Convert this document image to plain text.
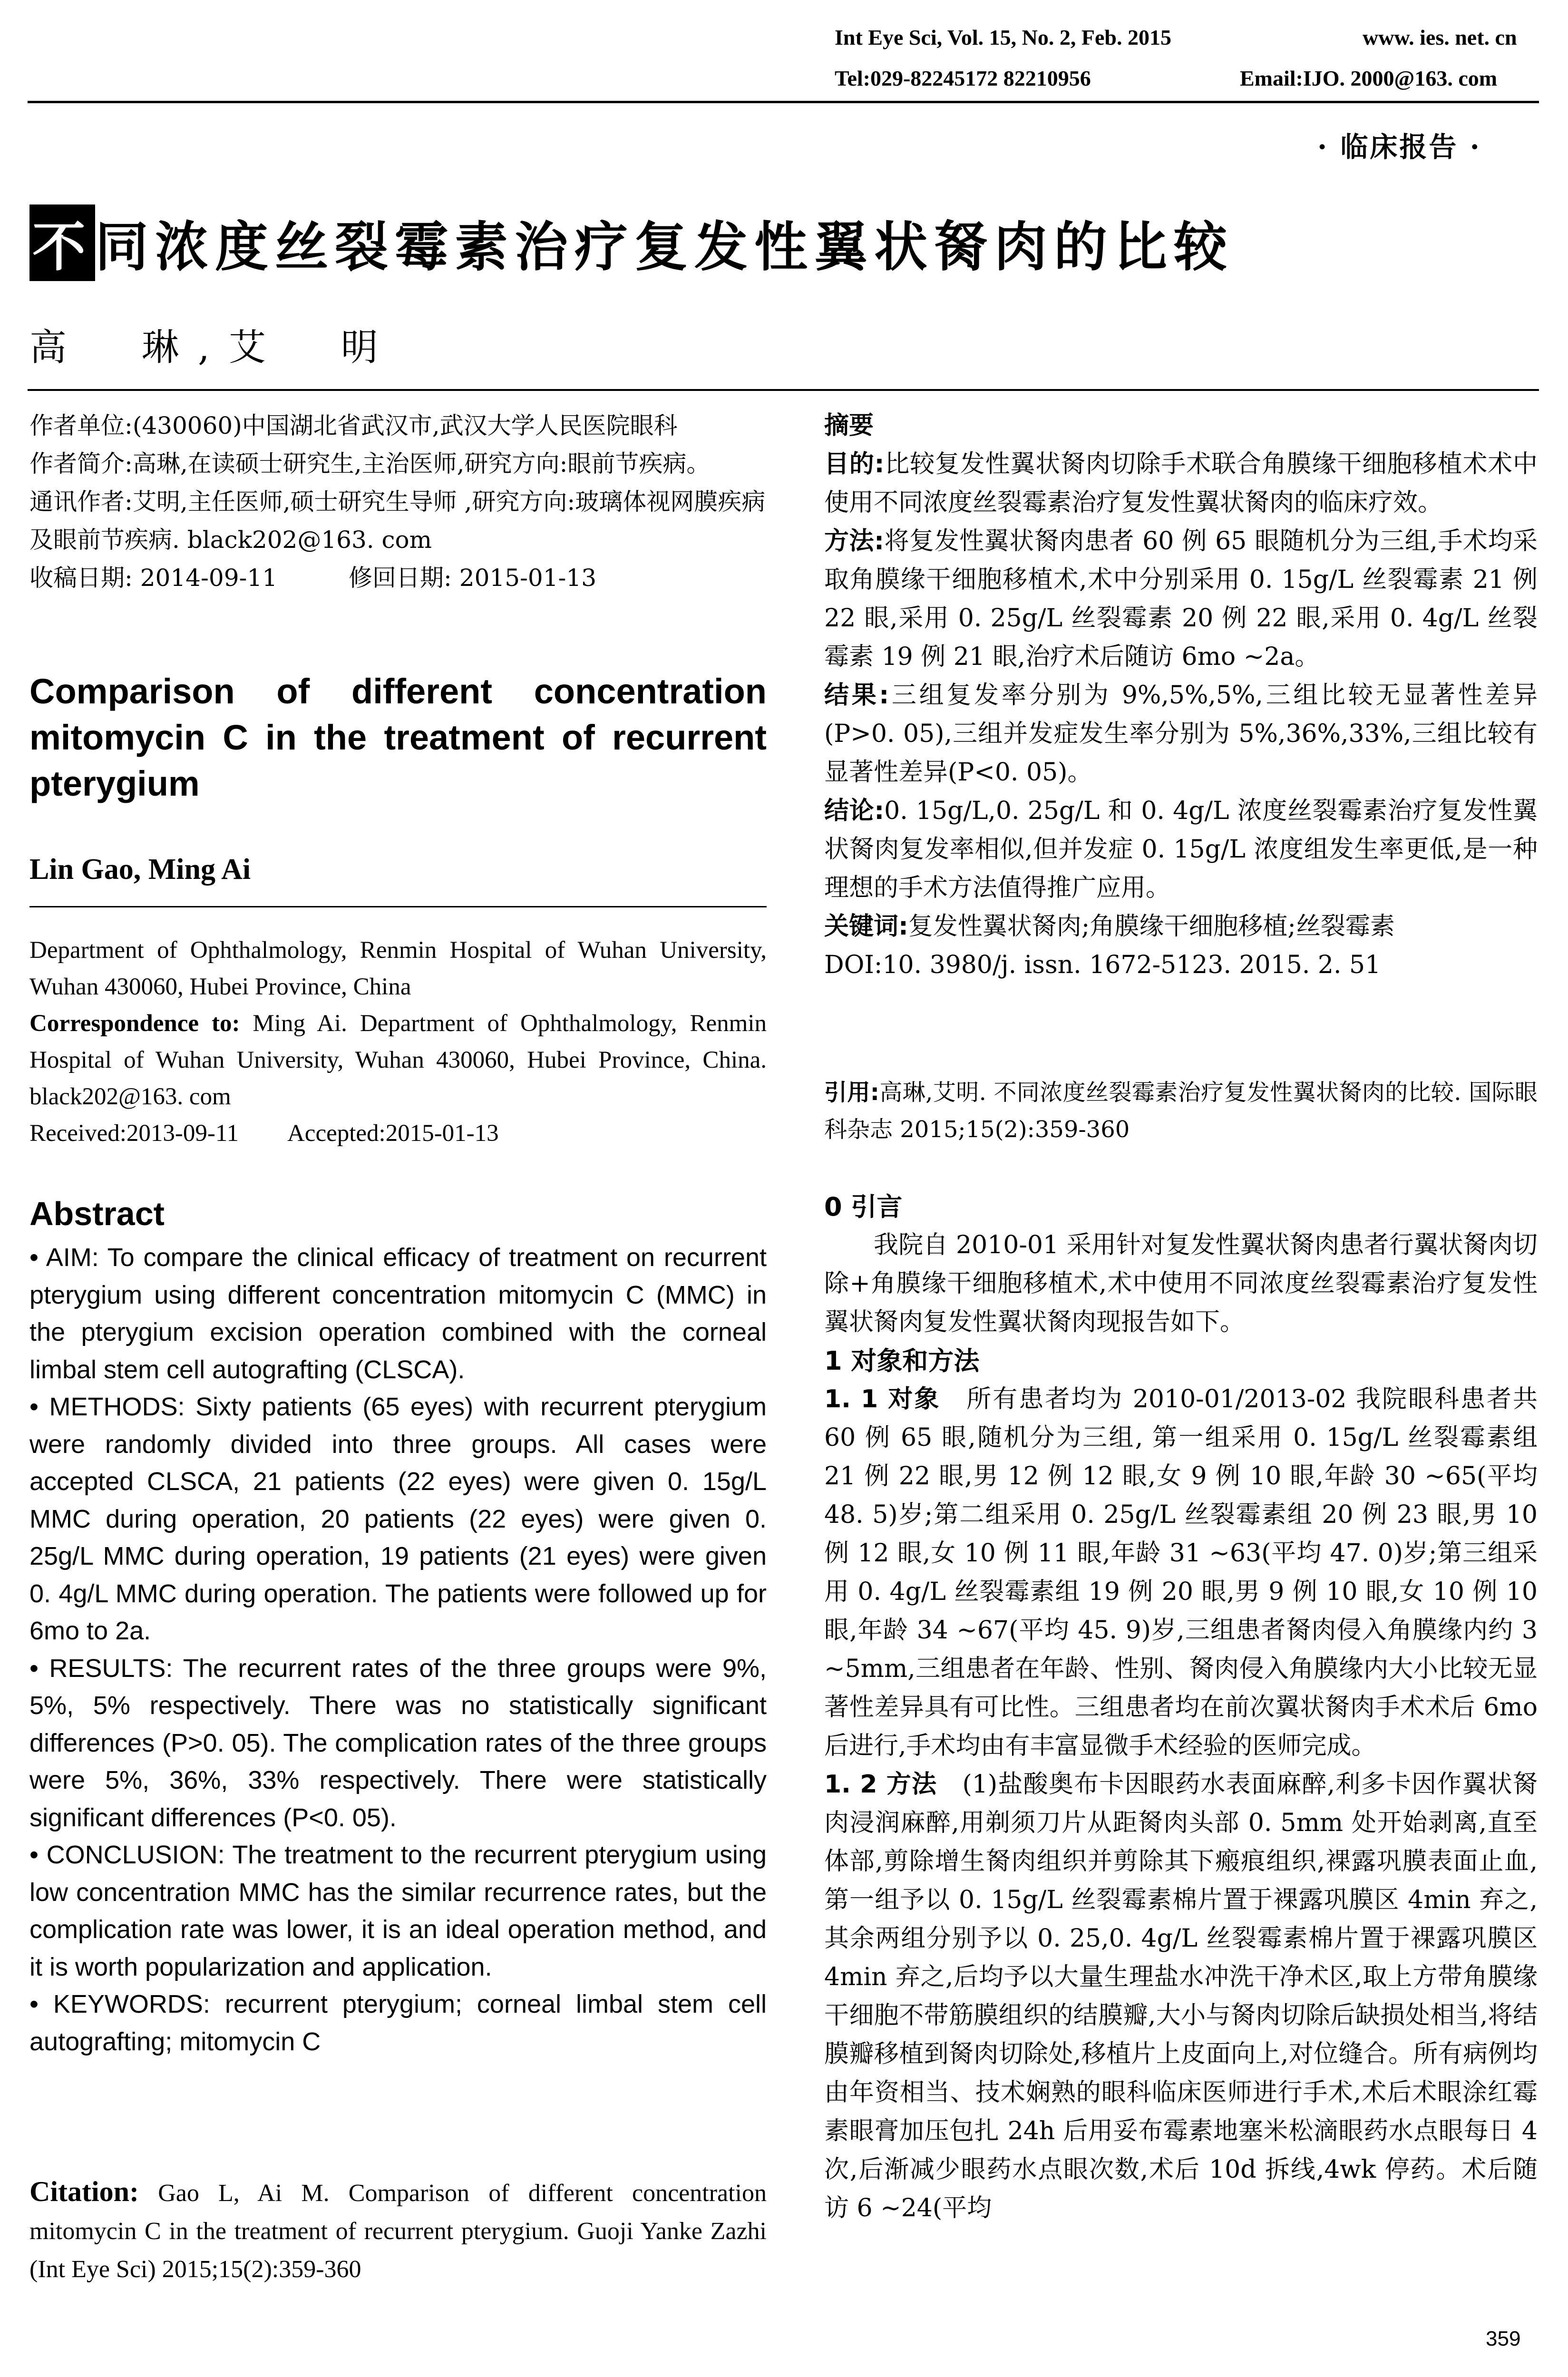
Int Eye Sci, Vol. 15, No. 2, Feb. 2015	www. ies. net. cn
Tel:029-82245172 82210956	Email:IJO. 2000@163. com
· 临床报告 ·
不同浓度丝裂霉素治疗复发性翼状胬肉的比较
高　琳,艾　明
作者单位:(430060)中国湖北省武汉市,武汉大学人民医院眼科
作者简介:高琳,在读硕士研究生,主治医师,研究方向:眼前节疾病。
通讯作者:艾明,主任医师,硕士研究生导师 ,研究方向:玻璃体视网膜疾病及眼前节疾病. black202@163. com
收稿日期: 2014-09-11　　　修回日期: 2015-01-13
Comparison of different concentration mitomycin C in the treatment of recurrent pterygium
Lin Gao, Ming Ai
Department of Ophthalmology, Renmin Hospital of Wuhan University, Wuhan 430060, Hubei Province, China
Correspondence to: Ming Ai. Department of Ophthalmology, Renmin Hospital of Wuhan University, Wuhan 430060, Hubei Province, China. black202@163. com
Received:2013-09-11　　Accepted:2015-01-13
Abstract

• AIM: To compare the clinical efficacy of treatment on recurrent pterygium using different concentration mitomycin C (MMC) in the pterygium excision operation combined with the corneal limbal stem cell autografting (CLSCA).

• METHODS: Sixty patients (65 eyes) with recurrent pterygium were randomly divided into three groups. All cases were accepted CLSCA, 21 patients (22 eyes) were given 0. 15g/L MMC during operation, 20 patients (22 eyes) were given 0. 25g/L MMC during operation, 19 patients (21 eyes) were given 0. 4g/L MMC during operation. The patients were followed up for 6mo to 2a.

• RESULTS: The recurrent rates of the three groups were 9%, 5%, 5% respectively. There was no statistically significant differences (P>0. 05). The complication rates of the three groups were 5%, 36%, 33% respectively. There were statistically significant differences (P<0. 05).

• CONCLUSION: The treatment to the recurrent pterygium using low concentration MMC has the similar recurrence rates, but the complication rate was lower, it is an ideal operation method, and it is worth popularization and application.

• KEYWORDS: recurrent pterygium; corneal limbal stem cell autografting; mitomycin C

Citation: Gao L, Ai M. Comparison of different concentration mitomycin C in the treatment of recurrent pterygium. Guoji Yanke Zazhi (Int Eye Sci) 2015;15(2):359-360
摘要

目的:比较复发性翼状胬肉切除手术联合角膜缘干细胞移植术术中使用不同浓度丝裂霉素治疗复发性翼状胬肉的临床疗效。

方法:将复发性翼状胬肉患者 60 例 65 眼随机分为三组,手术均采取角膜缘干细胞移植术,术中分别采用 0. 15g/L 丝裂霉素 21 例 22 眼,采用 0. 25g/L 丝裂霉素 20 例 22 眼,采用 0. 4g/L 丝裂霉素 19 例 21 眼,治疗术后随访 6mo ~2a。

结果:三组复发率分别为 9%,5%,5%,三组比较无显著性差异(P>0. 05),三组并发症发生率分别为 5%,36%,33%,三组比较有显著性差异(P<0. 05)。

结论:0. 15g/L,0. 25g/L 和 0. 4g/L 浓度丝裂霉素治疗复发性翼状胬肉复发率相似,但并发症 0. 15g/L 浓度组发生率更低,是一种理想的手术方法值得推广应用。

关键词:复发性翼状胬肉;角膜缘干细胞移植;丝裂霉素

DOI:10. 3980/j. issn. 1672-5123. 2015. 2. 51

引用:高琳,艾明. 不同浓度丝裂霉素治疗复发性翼状胬肉的比较. 国际眼科杂志 2015;15(2):359-360
0 引言

我院自 2010-01 采用针对复发性翼状胬肉患者行翼状胬肉切除+角膜缘干细胞移植术,术中使用不同浓度丝裂霉素治疗复发性翼状胬肉复发性翼状胬肉现报告如下。

1 对象和方法

1. 1 对象　所有患者均为 2010-01/2013-02 我院眼科患者共 60 例 65 眼,随机分为三组, 第一组采用 0. 15g/L 丝裂霉素组 21 例 22 眼,男 12 例 12 眼,女 9 例 10 眼,年龄 30 ~65(平均 48. 5)岁;第二组采用 0. 25g/L 丝裂霉素组 20 例 23 眼,男 10 例 12 眼,女 10 例 11 眼,年龄 31 ~63(平均 47. 0)岁;第三组采用 0. 4g/L 丝裂霉素组 19 例 20 眼,男 9 例 10 眼,女 10 例 10 眼,年龄 34 ~67(平均 45. 9)岁,三组患者胬肉侵入角膜缘内约 3 ~5mm,三组患者在年龄、性别、胬肉侵入角膜缘内大小比较无显著性差异具有可比性。三组患者均在前次翼状胬肉手术术后 6mo 后进行,手术均由有丰富显微手术经验的医师完成。

1. 2 方法　(1)盐酸奥布卡因眼药水表面麻醉,利多卡因作翼状胬肉浸润麻醉,用剃须刀片从距胬肉头部 0. 5mm 处开始剥离,直至体部,剪除增生胬肉组织并剪除其下瘢痕组织,裸露巩膜表面止血,第一组予以 0. 15g/L 丝裂霉素棉片置于裸露巩膜区 4min 弃之,其余两组分别予以 0. 25,0. 4g/L 丝裂霉素棉片置于裸露巩膜区 4min 弃之,后均予以大量生理盐水冲洗干净术区,取上方带角膜缘干细胞不带筋膜组织的结膜瓣,大小与胬肉切除后缺损处相当,将结膜瓣移植到胬肉切除处,移植片上皮面向上,对位缝合。所有病例均由年资相当、技术娴熟的眼科临床医师进行手术,术后术眼涂红霉素眼膏加压包扎 24h 后用妥布霉素地塞米松滴眼药水点眼每日 4 次,后渐减少眼药水点眼次数,术后 10d 拆线,4wk 停药。术后随访 6 ~24(平均

359
